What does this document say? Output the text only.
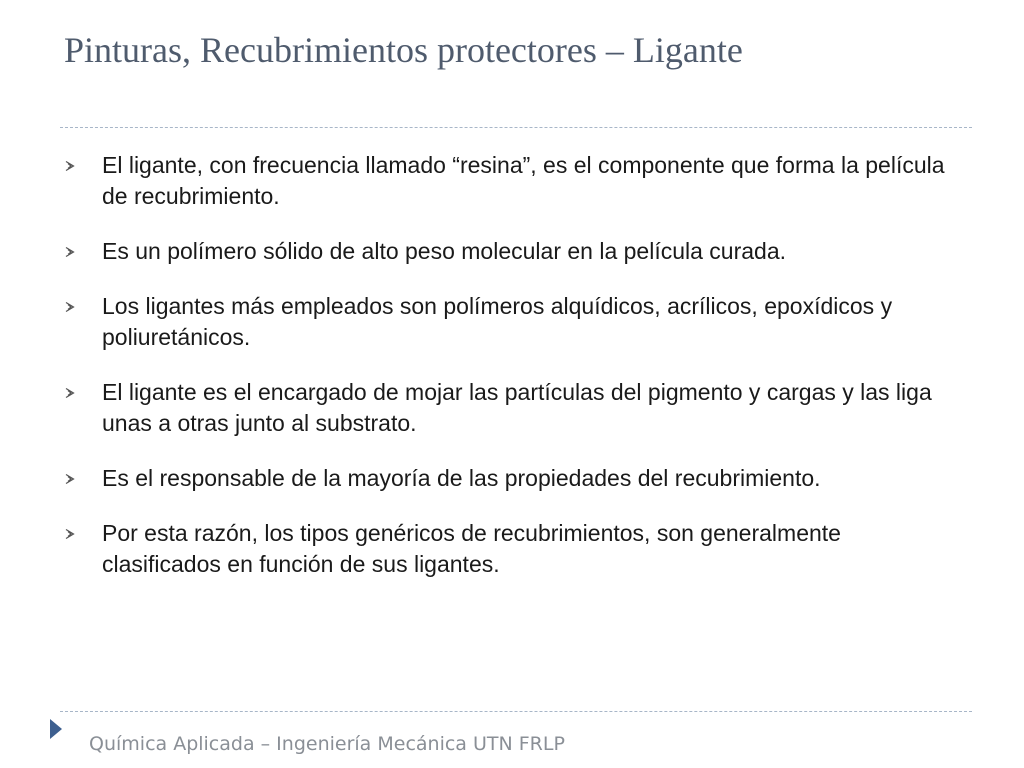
Pinturas, Recubrimientos protectores – Ligante
El ligante, con frecuencia llamado “resina”, es el componente que forma la película de recubrimiento.
Es un polímero sólido de alto peso molecular en la película curada.
Los ligantes más empleados son polímeros alquídicos, acrílicos, epoxídicos y poliuretánicos.
El ligante es el encargado de mojar las partículas del pigmento y cargas y las liga unas a otras junto al substrato.
Es el responsable de la mayoría de las propiedades del recubrimiento.
Por esta razón, los tipos genéricos de recubrimientos, son generalmente clasificados en función de sus ligantes.
Química Aplicada – Ingeniería Mecánica UTN FRLP
